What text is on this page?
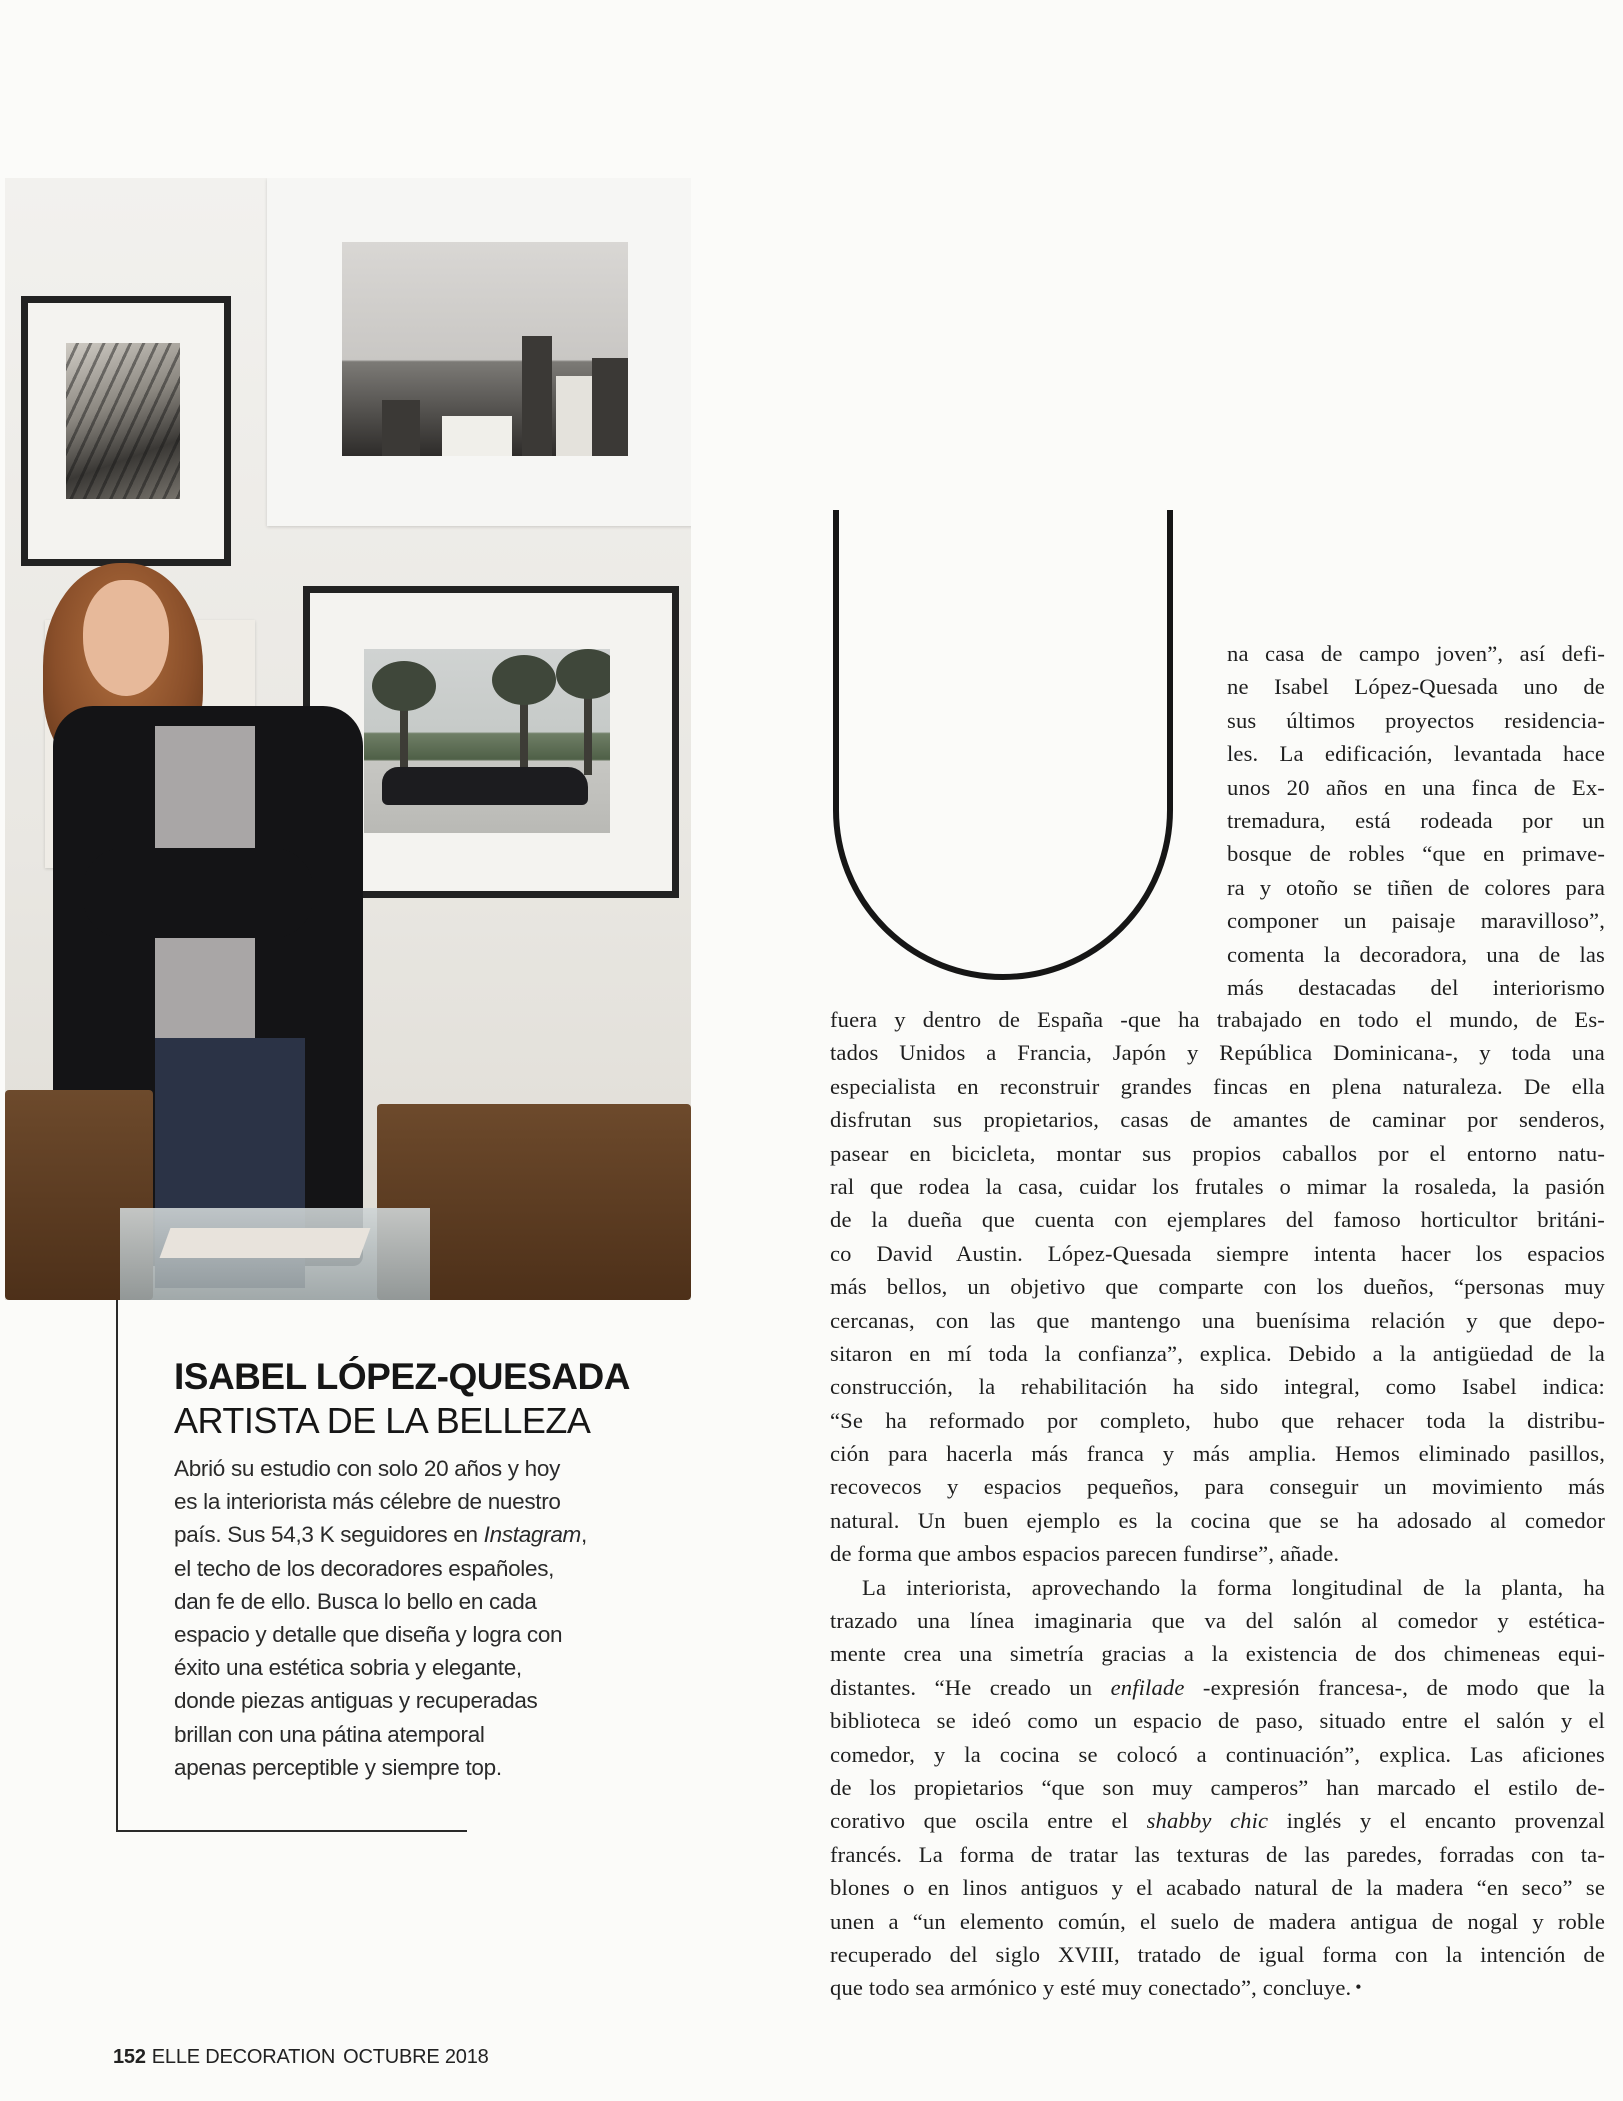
ISABEL LÓPEZ-QUESADA
ARTISTA DE LA BELLEZA

Abrió su estudio con solo 20 años y hoy
es la interiorista más célebre de nuestro
país. Sus 54,3 K seguidores en Instagram,
el techo de los decoradores españoles,
dan fe de ello. Busca lo bello en cada
espacio y detalle que diseña y logra con
éxito una estética sobria y elegante,
donde piezas antiguas y recuperadas
brillan con una pátina atemporal
apenas perceptible y siempre top.

U
na casa de campo joven”, así defi-
ne Isabel López-Quesada uno de
sus últimos proyectos residencia-
les. La edificación, levantada hace
unos 20 años en una finca de Ex-
tremadura, está rodeada por un
bosque de robles “que en primave-
ra y otoño se tiñen de colores para
componer un paisaje maravilloso”,
comenta la decoradora, una de las
más destacadas del interiorismo
fuera y dentro de España -que ha trabajado en todo el mundo, de Es-
tados Unidos a Francia, Japón y República Dominicana-, y toda una
especialista en reconstruir grandes fincas en plena naturaleza. De ella
disfrutan sus propietarios, casas de amantes de caminar por senderos,
pasear en bicicleta, montar sus propios caballos por el entorno natu-
ral que rodea la casa, cuidar los frutales o mimar la rosaleda, la pasión
de la dueña que cuenta con ejemplares del famoso horticultor británi-
co David Austin. López-Quesada siempre intenta hacer los espacios
más bellos, un objetivo que comparte con los dueños, “personas muy
cercanas, con las que mantengo una buenísima relación y que depo-
sitaron en mí toda la confianza”, explica. Debido a la antigüedad de la
construcción, la rehabilitación ha sido integral, como Isabel indica:
“Se ha reformado por completo, hubo que rehacer toda la distribu-
ción para hacerla más franca y más amplia. Hemos eliminado pasillos,
recovecos y espacios pequeños, para conseguir un movimiento más
natural. Un buen ejemplo es la cocina que se ha adosado al comedor
de forma que ambos espacios parecen fundirse”, añade.
La interiorista, aprovechando la forma longitudinal de la planta, ha
trazado una línea imaginaria que va del salón al comedor y estética-
mente crea una simetría gracias a la existencia de dos chimeneas equi-
distantes. “He creado un enfilade -expresión francesa-, de modo que la
biblioteca se ideó como un espacio de paso, situado entre el salón y el
comedor, y la cocina se colocó a continuación”, explica. Las aficiones
de los propietarios “que son muy camperos” han marcado el estilo de-
corativo que oscila entre el shabby chic inglés y el encanto provenzal
francés. La forma de tratar las texturas de las paredes, forradas con ta-
blones o en linos antiguos y el acabado natural de la madera “en seco” se
unen a “un elemento común, el suelo de madera antigua de nogal y roble
recuperado del siglo XVIII, tratado de igual forma con la intención de
que todo sea armónico y esté muy conectado”, concluye. •

152 ELLE DECORATION OCTUBRE 2018
